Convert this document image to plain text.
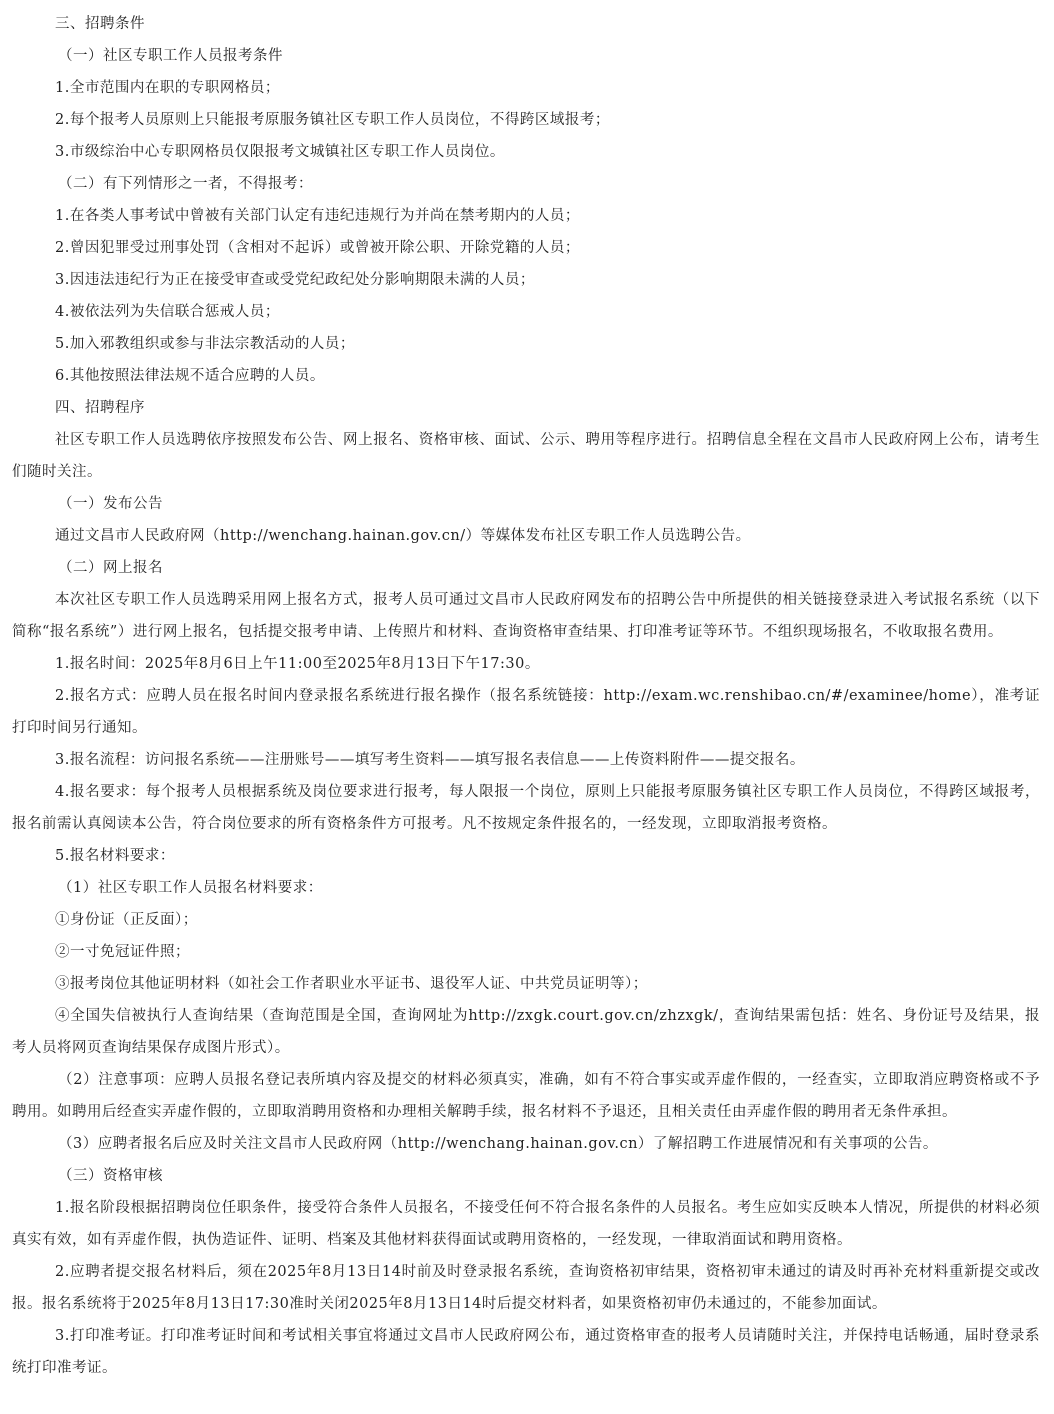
三、招聘条件

（一）社区专职工作人员报考条件

1.全市范围内在职的专职网格员；

2.每个报考人员原则上只能报考原服务镇社区专职工作人员岗位，不得跨区域报考；

3.市级综治中心专职网格员仅限报考文城镇社区专职工作人员岗位。

（二）有下列情形之一者，不得报考：

1.在各类人事考试中曾被有关部门认定有违纪违规行为并尚在禁考期内的人员；

2.曾因犯罪受过刑事处罚（含相对不起诉）或曾被开除公职、开除党籍的人员；

3.因违法违纪行为正在接受审查或受党纪政纪处分影响期限未满的人员；

4.被依法列为失信联合惩戒人员；

5.加入邪教组织或参与非法宗教活动的人员；

6.其他按照法律法规不适合应聘的人员。

四、招聘程序

社区专职工作人员选聘依序按照发布公告、网上报名、资格审核、面试、公示、聘用等程序进行。招聘信息全程在文昌市人民政府网上公布，请考生们随时关注。

（一）发布公告

通过文昌市人民政府网（http://wenchang.hainan.gov.cn/）等媒体发布社区专职工作人员选聘公告。

（二）网上报名

本次社区专职工作人员选聘采用网上报名方式，报考人员可通过文昌市人民政府网发布的招聘公告中所提供的相关链接登录进入考试报名系统（以下简称“报名系统”）进行网上报名，包括提交报考申请、上传照片和材料、查询资格审查结果、打印准考证等环节。不组织现场报名，不收取报名费用。

1.报名时间：2025年8月6日上午11:00至2025年8月13日下午17:30。

2.报名方式：应聘人员在报名时间内登录报名系统进行报名操作（报名系统链接：http://exam.wc.renshibao.cn/#/examinee/home），准考证打印时间另行通知。

3.报名流程：访问报名系统——注册账号——填写考生资料——填写报名表信息——上传资料附件——提交报名。

4.报名要求：每个报考人员根据系统及岗位要求进行报考，每人限报一个岗位，原则上只能报考原服务镇社区专职工作人员岗位，不得跨区域报考，报名前需认真阅读本公告，符合岗位要求的所有资格条件方可报考。凡不按规定条件报名的，一经发现，立即取消报考资格。

5.报名材料要求：

（1）社区专职工作人员报名材料要求：

①身份证（正反面）；

②一寸免冠证件照；

③报考岗位其他证明材料（如社会工作者职业水平证书、退役军人证、中共党员证明等）；

④全国失信被执行人查询结果（查询范围是全国，查询网址为http://zxgk.court.gov.cn/zhzxgk/，查询结果需包括：姓名、身份证号及结果，报考人员将网页查询结果保存成图片形式）。

（2）注意事项：应聘人员报名登记表所填内容及提交的材料必须真实，准确，如有不符合事实或弄虚作假的，一经查实，立即取消应聘资格或不予聘用。如聘用后经查实弄虚作假的，立即取消聘用资格和办理相关解聘手续，报名材料不予退还，且相关责任由弄虚作假的聘用者无条件承担。

（3）应聘者报名后应及时关注文昌市人民政府网（http://wenchang.hainan.gov.cn）了解招聘工作进展情况和有关事项的公告。

（三）资格审核

1.报名阶段根据招聘岗位任职条件，接受符合条件人员报名，不接受任何不符合报名条件的人员报名。考生应如实反映本人情况，所提供的材料必须真实有效，如有弄虚作假，执伪造证件、证明、档案及其他材料获得面试或聘用资格的，一经发现，一律取消面试和聘用资格。

2.应聘者提交报名材料后，须在2025年8月13日14时前及时登录报名系统，查询资格初审结果，资格初审未通过的请及时再补充材料重新提交或改报。报名系统将于2025年8月13日17:30准时关闭2025年8月13日14时后提交材料者，如果资格初审仍未通过的，不能参加面试。

3.打印准考证。打印准考证时间和考试相关事宜将通过文昌市人民政府网公布，通过资格审查的报考人员请随时关注，并保持电话畅通，届时登录系统打印准考证。
